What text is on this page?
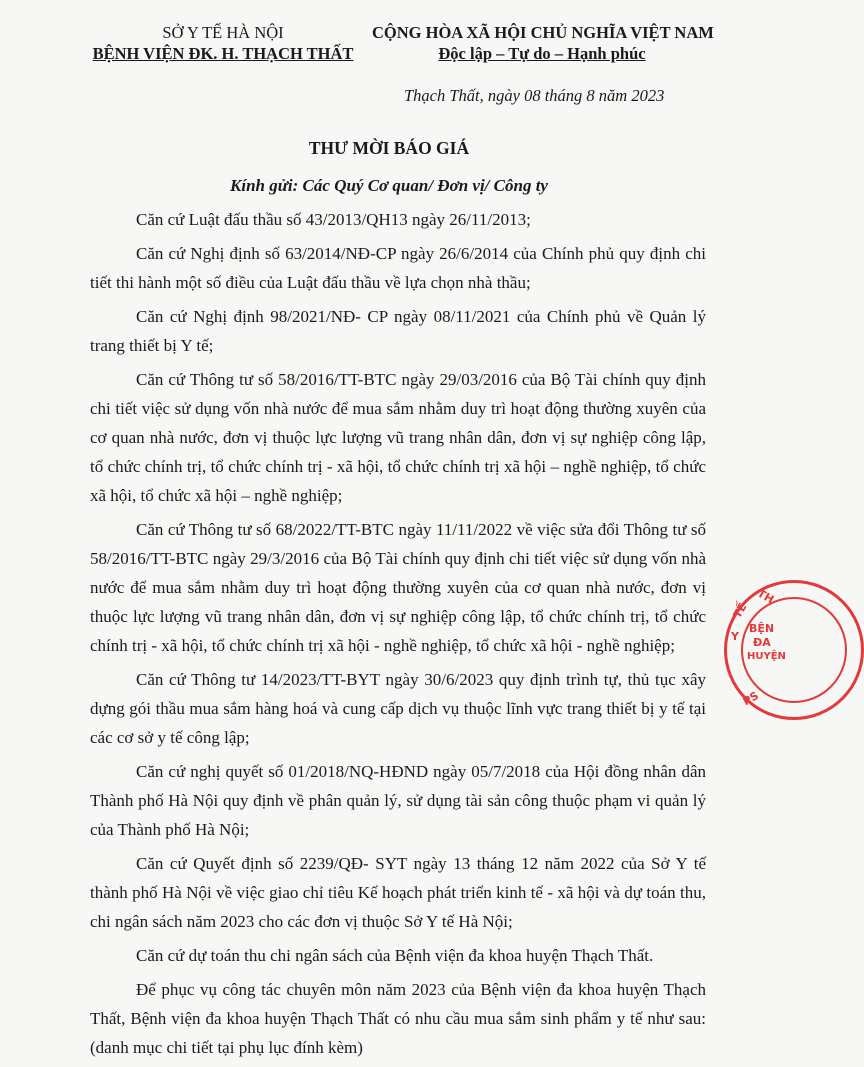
SỞ Y TẾ HÀ NỘI
BỆNH VIỆN ĐK. H. THẠCH THẤT
CỘNG HÒA XÃ HỘI CHỦ NGHĨA VIỆT NAM
Độc lập – Tự do – Hạnh phúc
Thạch Thất, ngày 08 tháng 8 năm 2023
THƯ MỜI BÁO GIÁ
Kính gửi: Các Quý Cơ quan/ Đơn vị/ Công ty

Căn cứ Luật đấu thầu số 43/2013/QH13 ngày 26/11/2013;

Căn cứ Nghị định số 63/2014/NĐ-CP ngày 26/6/2014 của Chính phủ quy định chi tiết thi hành một số điều của Luật đấu thầu về lựa chọn nhà thầu;

Căn cứ Nghị định 98/2021/NĐ- CP ngày 08/11/2021 của Chính phủ về Quản lý trang thiết bị Y tế;

Căn cứ Thông tư số 58/2016/TT-BTC ngày 29/03/2016 của Bộ Tài chính quy định chi tiết việc sử dụng vốn nhà nước để mua sắm nhằm duy trì hoạt động thường xuyên của cơ quan nhà nước, đơn vị thuộc lực lượng vũ trang nhân dân, đơn vị sự nghiệp công lập, tổ chức chính trị, tổ chức chính trị - xã hội, tổ chức chính trị xã hội – nghề nghiệp, tổ chức xã hội, tổ chức xã hội – nghề nghiệp;

Căn cứ Thông tư số 68/2022/TT-BTC ngày 11/11/2022 về việc sửa đổi Thông tư số 58/2016/TT-BTC ngày 29/3/2016 của Bộ Tài chính quy định chi tiết việc sử dụng vốn nhà nước để mua sắm nhằm duy trì hoạt động thường xuyên của cơ quan nhà nước, đơn vị thuộc lực lượng vũ trang nhân dân, đơn vị sự nghiệp công lập, tổ chức chính trị, tổ chức chính trị - xã hội, tổ chức chính trị xã hội - nghề nghiệp, tổ chức xã hội - nghề nghiệp;

Căn cứ Thông tư 14/2023/TT-BYT ngày 30/6/2023 quy định trình tự, thủ tục xây dựng gói thầu mua sắm hàng hoá và cung cấp dịch vụ thuộc lĩnh vực trang thiết bị y tế tại các cơ sở y tế công lập;

Căn cứ nghị quyết số 01/2018/NQ-HĐND ngày 05/7/2018 của Hội đồng nhân dân Thành phố Hà Nội quy định về phân quản lý, sử dụng tài sản công thuộc phạm vi quản lý của Thành phố Hà Nội;

Căn cứ Quyết định số 2239/QĐ- SYT ngày 13 tháng 12 năm 2022 của Sở Y tế thành phố Hà Nội về việc giao chỉ tiêu Kế hoạch phát triển kinh tế - xã hội và dự toán thu, chi ngân sách năm 2023 cho các đơn vị thuộc Sở Y tế Hà Nội;

Căn cứ dự toán thu chi ngân sách của Bệnh viện đa khoa huyện Thạch Thất.

Để phục vụ công tác chuyên môn năm 2023 của Bệnh viện đa khoa huyện Thạch Thất, Bệnh viện đa khoa huyện Thạch Thất có nhu cầu mua sắm sinh phẩm y tế như sau: (danh mục chi tiết tại phụ lục đính kèm)

TH
BỆN
ĐA
HUYỆN
Y
TẾ
PS
